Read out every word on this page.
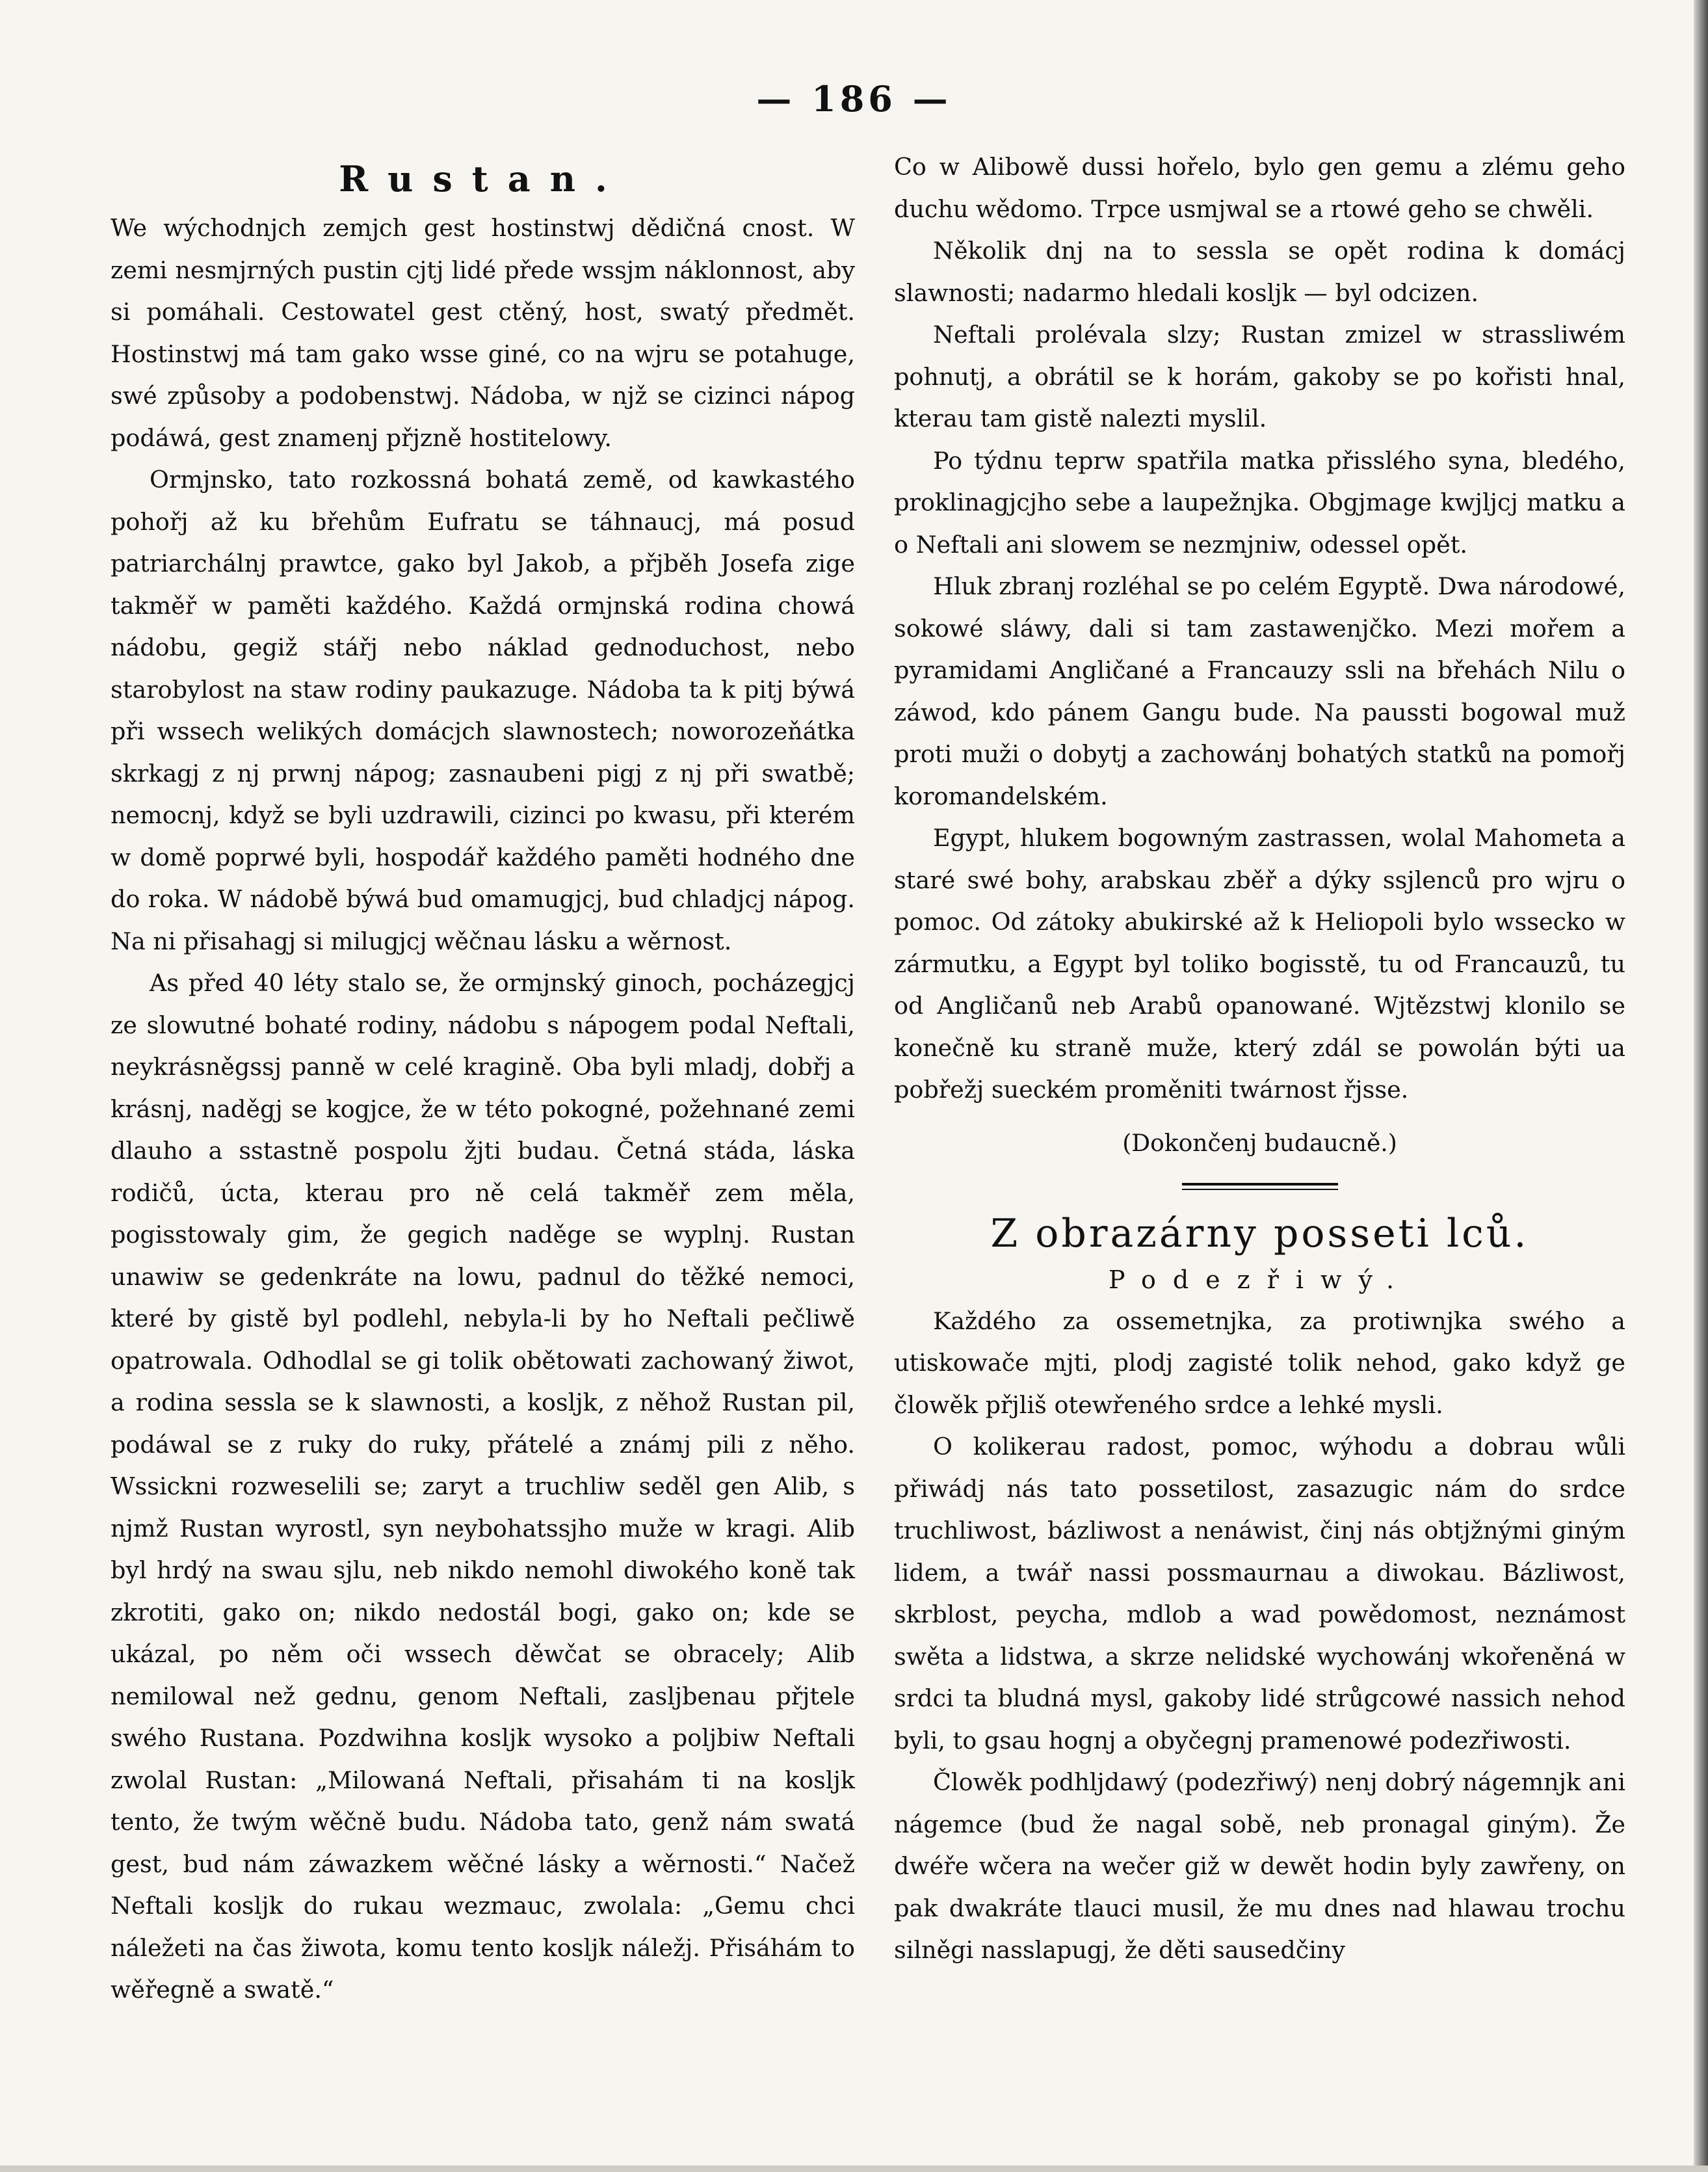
— 186 —
Rustan.

We wýchodnjch zemjch gest hostinstwj dědičná cnost. W zemi nesmjrných pustin cjtj lidé přede wssjm náklonnost, aby si pomáhali. Cestowatel gest ctěný, host, swatý předmět. Hostinstwj má tam gako wsse giné, co na wjru se potahuge, swé způsoby a podobenstwj. Nádoba, w njž se cizinci nápog podáwá, gest znamenj přjzně hostitelowy.

Ormjnsko, tato rozkossná bohatá země, od kawkastého pohořj až ku břehům Eufratu se táhnaucj, má posud patriarchálnj prawtce, gako byl Jakob, a přjběh Josefa zige takměř w paměti každého. Každá ormjnská rodina chowá nádobu, gegiž stářj nebo náklad gednoduchost, nebo starobylost na staw rodiny paukazuge. Nádoba ta k pitj býwá při wssech welikých domácjch slawnostech; noworozeňátka skrkagj z nj prwnj nápog; zasnaubeni pigj z nj při swatbě; nemocnj, když se byli uzdrawili, cizinci po kwasu, při kterém w domě poprwé byli, hospodář každého paměti hodného dne do roka. W nádobě býwá bud omamugjcj, bud chladjcj nápog. Na ni přisahagj si milugjcj wěčnau lásku a wěrnost.

As před 40 léty stalo se, že ormjnský ginoch, pocházegjcj ze slowutné bohaté rodiny, nádobu s nápogem podal Neftali, neykrásněgssj panně w celé kragině. Oba byli mladj, dobřj a krásnj, naděgj se kogjce, že w této pokogné, požehnané zemi dlauho a sstastně pospolu žjti budau. Četná stáda, láska rodičů, úcta, kterau pro ně celá takměř zem měla, pogisstowaly gim, že gegich naděge se wyplnj. Rustan unawiw se gedenkráte na lowu, padnul do těžké nemoci, které by gistě byl podlehl, nebyla-li by ho Neftali pečliwě opatrowala. Odhodlal se gi tolik obětowati zachowaný žiwot, a rodina sessla se k slawnosti, a kosljk, z něhož Rustan pil, podáwal se z ruky do ruky, přátelé a známj pili z něho. Wssickni rozweselili se; zaryt a truchliw seděl gen Alib, s njmž Rustan wyrostl, syn neybohatssjho muže w kragi. Alib byl hrdý na swau sjlu, neb nikdo nemohl diwokého koně tak zkrotiti, gako on; nikdo nedostál bogi, gako on; kde se ukázal, po něm oči wssech děwčat se obracely; Alib nemilowal než gednu, genom Neftali, zasljbenau přjtele swého Rustana. Pozdwihna kosljk wysoko a poljbiw Neftali zwolal Rustan: „Milowaná Neftali, přisahám ti na kosljk tento, že twým wěčně budu. Nádoba tato, genž nám swatá gest, bud nám záwazkem wěčné lásky a wěrnosti.“ Načež Neftali kosljk do rukau wezmauc, zwolala: „Gemu chci náležeti na čas žiwota, komu tento kosljk náležj. Přisáhám to wěřegně a swatě.“

Co w Alibowě dussi hořelo, bylo gen gemu a zlému geho duchu wědomo. Trpce usmjwal se a rtowé geho se chwěli.

Několik dnj na to sessla se opět rodina k domácj slawnosti; nadarmo hledali kosljk — byl odcizen.

Neftali prolévala slzy; Rustan zmizel w strassliwém pohnutj, a obrátil se k horám, gakoby se po kořisti hnal, kterau tam gistě nalezti myslil.

Po týdnu teprw spatřila matka přisslého syna, bledého, proklinagjcjho sebe a laupežnjka. Obgjmage kwjljcj matku a o Neftali ani slowem se nezmjniw, odessel opět.

Hluk zbranj rozléhal se po celém Egyptě. Dwa národowé, sokowé sláwy, dali si tam zastawenjčko. Mezi mořem a pyramidami Angličané a Francauzy ssli na břehách Nilu o záwod, kdo pánem Gangu bude. Na paussti bogowal muž proti muži o dobytj a zachowánj bohatých statků na pomořj koromandelském.

Egypt, hlukem bogowným zastrassen, wolal Mahometa a staré swé bohy, arabskau zběř a dýky ssjlenců pro wjru o pomoc. Od zátoky abukirské až k Heliopoli bylo wssecko w zármutku, a Egypt byl tolikо bogisstě, tu od Francauzů, tu od Angličanů neb Arabů opanowané. Wjtězstwj klonilo se konečně ku straně muže, který zdál se powolán býti ua pobřežj sueckém proměniti twárnost řjsse.

(Dokončenj budaucně.)

Z obrazárny posseti lců.
Podezřiwý.

Každého za ossemetnjka, za protiwnjka swého a utiskowače mjti, plodj zagisté tolik nehod, gako když ge člowěk přjliš otewřeného srdce a lehké mysli.

O kolikerau radost, pomoc, wýhodu a dobrau wůli přiwádj nás tato possetilost, zasazugic nám do srdce truchliwost, bázliwost a nenáwist, činj nás obtjžnými giným lidem, a twář nassi possmaurnau a diwokau. Bázliwost, skrblost, peycha, mdlob a wad powědomost, neznámost swěta a lidstwa, a skrze nelidské wychowánj wkořeněná w srdci ta bludná mysl, gakoby lidé strůgcowé nassich nehod byli, to gsau hognj a obyčegnj pramenowé podezřiwosti.

Člowěk podhljdawý (podezřiwý) nenj dobrý nágemnjk ani nágemce (bud že nagal sobě, neb pronagal giným). Že dwéře wčera na wečer giž w dewět hodin byly zawřeny, on pak dwakráte tlauci musil, že mu dnes nad hlawau trochu silněgi nasslapugj, že děti sausedčiny
